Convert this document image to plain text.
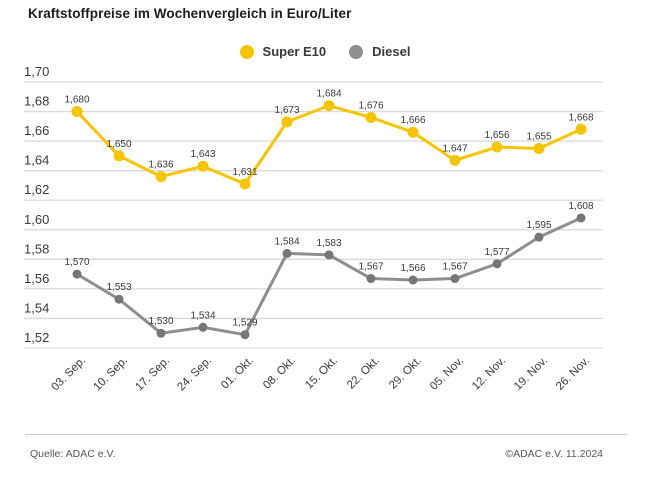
Kraftstoffpreise im Wochenvergleich in Euro/Liter
Super E10	Diesel
1,70
1,68
1,66
1,64
1,62
1,60
1,58
1,56
1,54
1,52
03. Sep. 10. Sep. 17. Sep. 24. Sep. 01. Okt. 08. Okt. 15. Okt. 22. Okt. 29. Okt. 05. Nov. 12. Nov. 19. Nov. 26. Nov.
1,680
1,650
1,636
1,643
1,631
1,673
1,684
1,676
1,666
1,647
1,656 1,655
1,668
1,570
1,553
1,530
1,534
1,529
1,584 1,583
1,567 1,566 1,567
1,577
1,595
1,608
Quelle: ADAC e.V.	©ADAC e.V. 11.2024
